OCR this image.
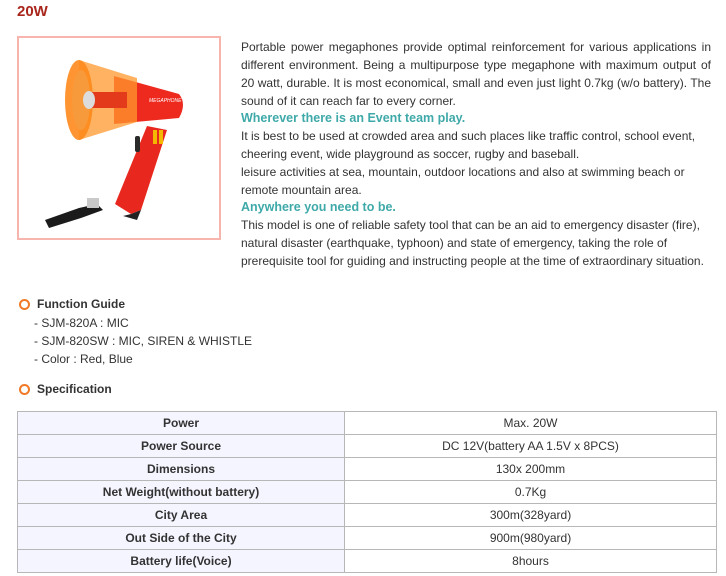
20W
MEGAPHONE

Portable power megaphones provide optimal reinforcement for various applications in different environment. Being a multipurpose type megaphone with maximum output of 20 watt, durable. It is most economical, small and even just light 0.7kg (w/o battery). The sound of it can reach far to every corner.

Wherever there is an Event team play.

It is best to be used at crowded area and such places like traffic control, school event, cheering event, wide playground as soccer, rugby and baseball.

leisure activities at sea, mountain, outdoor locations and also at swimming beach or remote mountain area.

Anywhere you need to be.

This model is one of reliable safety tool that can be an aid to emergency disaster (fire), natural disaster (earthquake, typhoon) and state of emergency, taking the role of prerequisite tool for guiding and instructing people at the time of extraordinary situation.

Function Guide
- SJM-820A : MIC
- SJM-820SW : MIC, SIREN & WHISTLE
- Color : Red, Blue
Specification
Power	Max. 20W
Power Source	DC 12V(battery AA 1.5V x 8PCS)
Dimensions	130x 200mm
Net Weight(without battery)	0.7Kg
City Area	300m(328yard)
Out Side of the City	900m(980yard)
Battery life(Voice)	8hours
